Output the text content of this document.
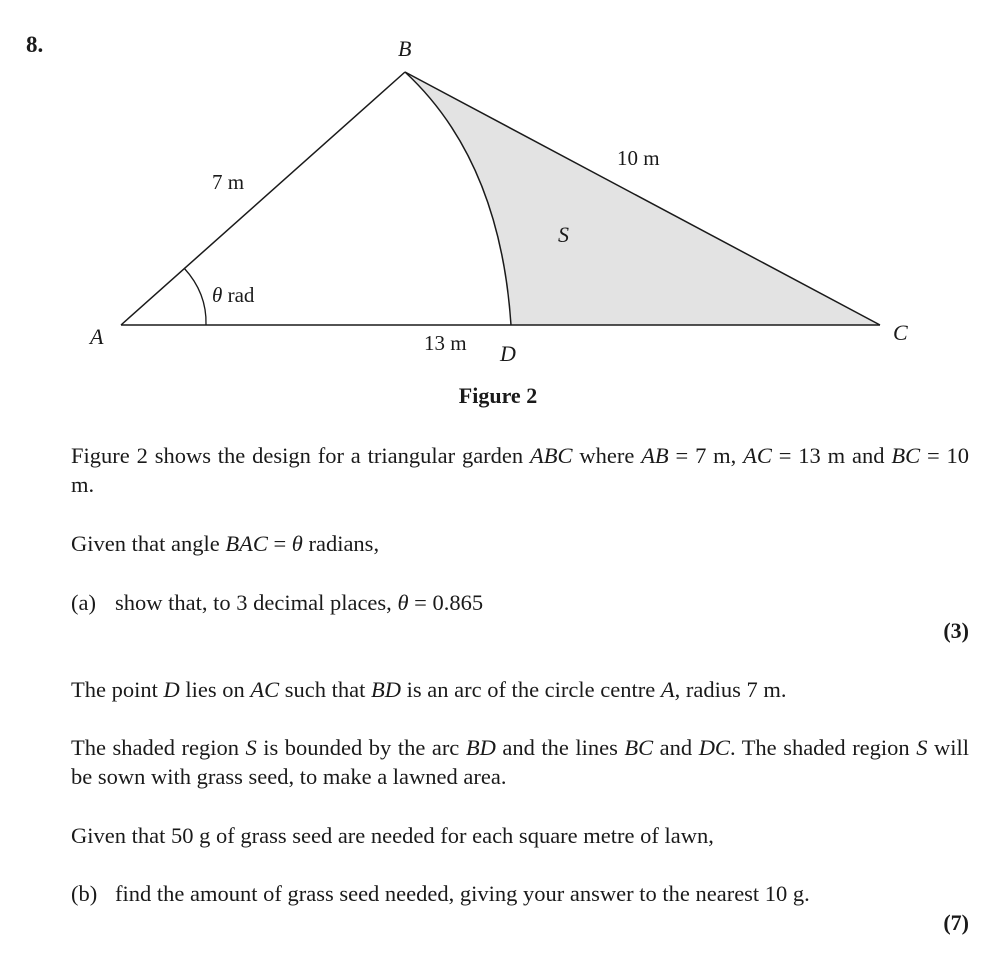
8.	B
A	C
D
7 m
10 m
13 m
θ rad
S
Figure 2
Figure 2 shows the design for a triangular garden ABC where AB = 7 m, AC = 13 m and BC = 10 m.
Given that angle BAC = θ radians,
(a) show that, to 3 decimal places, θ = 0.865
(3)
The point D lies on AC such that BD is an arc of the circle centre A, radius 7 m.
The shaded region S is bounded by the arc BD and the lines BC and DC. The shaded region S will be sown with grass seed, to make a lawned area.
Given that 50 g of grass seed are needed for each square metre of lawn,
(b) find the amount of grass seed needed, giving your answer to the nearest 10 g.
(7)
